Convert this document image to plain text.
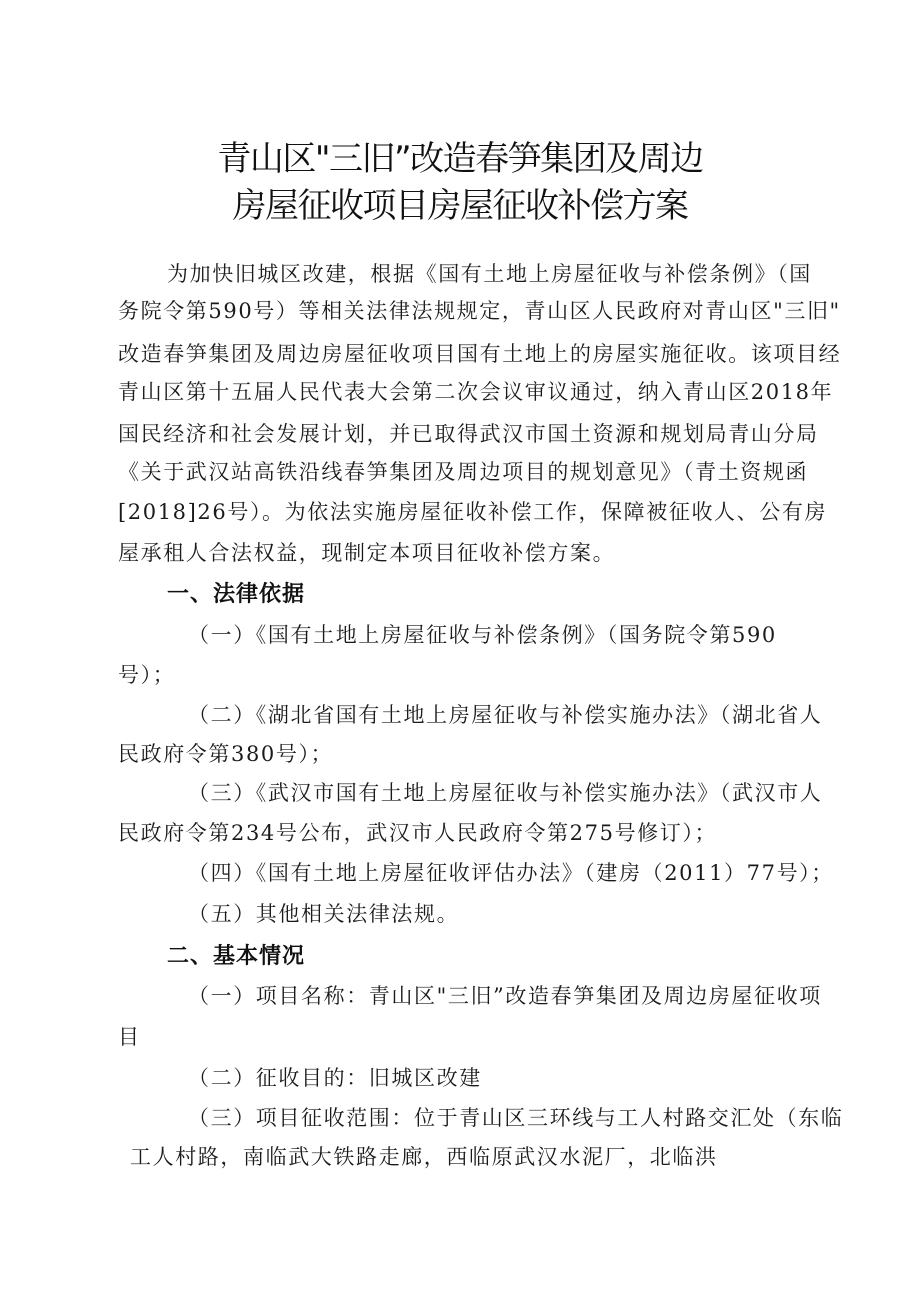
青山区"三旧”改造春笋集团及周边
房屋征收项目房屋征收补偿方案
为加快旧城区改建，根据《国有土地上房屋征收与补偿条例》（国
务院令第590号）等相关法律法规规定，青山区人民政府对青山区"三旧"
改造春笋集团及周边房屋征收项目国有土地上的房屋实施征收。该项目经
青山区第十五届人民代表大会第二次会议审议通过，纳入青山区2018年
国民经济和社会发展计划，并已取得武汉市国土资源和规划局青山分局
《关于武汉站高铁沿线春笋集团及周边项目的规划意见》（青土资规函
[2018]26号）。为依法实施房屋征收补偿工作，保障被征收人、公有房
屋承租人合法权益，现制定本项目征收补偿方案。
一、法律依据
（一）《国有土地上房屋征收与补偿条例》（国务院令第590
号）；
（二）《湖北省国有土地上房屋征收与补偿实施办法》（湖北省人
民政府令第380号）；
（三）《武汉市国有土地上房屋征收与补偿实施办法》（武汉市人
民政府令第234号公布，武汉市人民政府令第275号修订）；
（四）《国有土地上房屋征收评估办法》（建房（2011）77号）；
（五）其他相关法律法规。
二、基本情况
（一）项目名称：青山区"三旧”改造春笋集团及周边房屋征收项
目
（二）征收目的：旧城区改建
（三）项目征收范围：位于青山区三环线与工人村路交汇处（东临
工人村路，南临武大铁路走廊，西临原武汉水泥厂，北临洪
